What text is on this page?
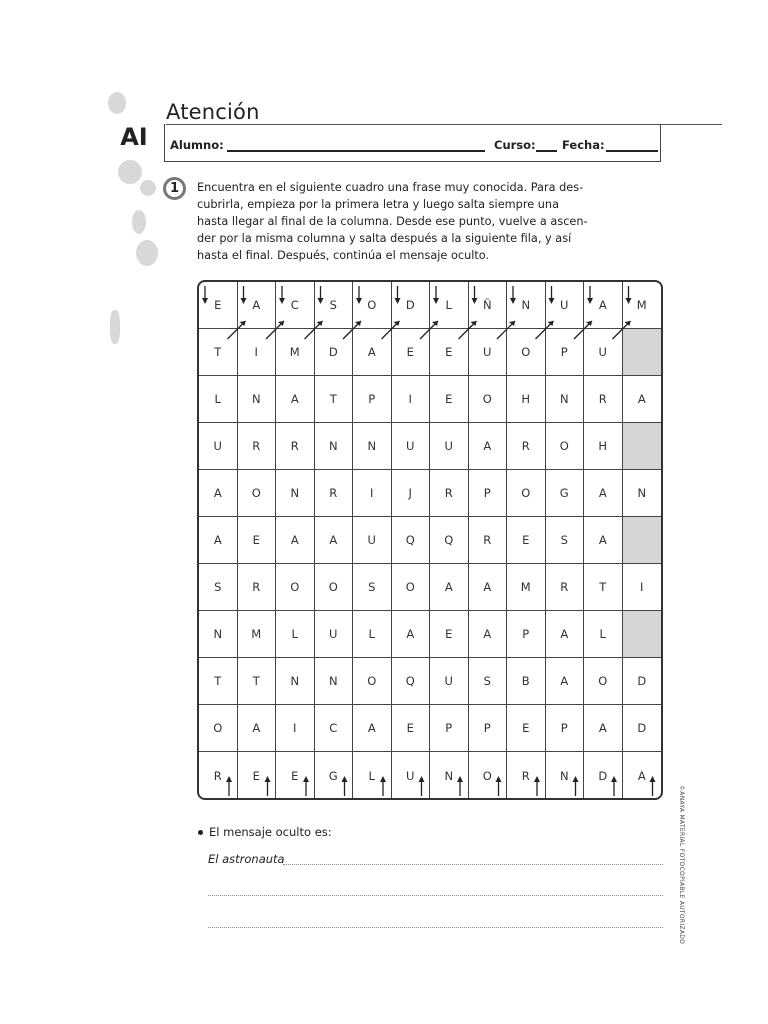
AI
Atención
Alumno:	Curso: Fecha:
1	Encuentra en el siguiente cuadro una frase muy conocida. Para des-

cubrirla, empieza por la primera letra y luego salta siempre una

hasta llegar al final de la columna. Desde ese punto, vuelve a ascen-

der por la misma columna y salta después a la siguiente fila, y así

hasta el final. Después, continúa el mensaje oculto.

E	A	C	S	O	D	L	Ñ	N	U	A	M
T	I	M	D	A	E	E	U	O	P	U
L	N	A	T	P	I	E	O	H	N	R	A
U	R	R	N	N	U	U	A	R	O	H
A	O	N	R	I	J	R	P	O	G	A	N
A	E	A	A	U	Q	Q	R	E	S	A
S	R	O	O	S	O	A	A	M	R	T	I
N	M	L	U	L	A	E	A	P	A	L
T	T	N	N	O	Q	U	S	B	A	O	D
O	A	I	C	A	E	P	P	E	P	A	D
R	E	E	G	L	U	N	O	R	N	D	A
©ANAYA MATERIAL FOTOCOPIABLE AUTORIZADO
El mensaje oculto es:
El astronauta
